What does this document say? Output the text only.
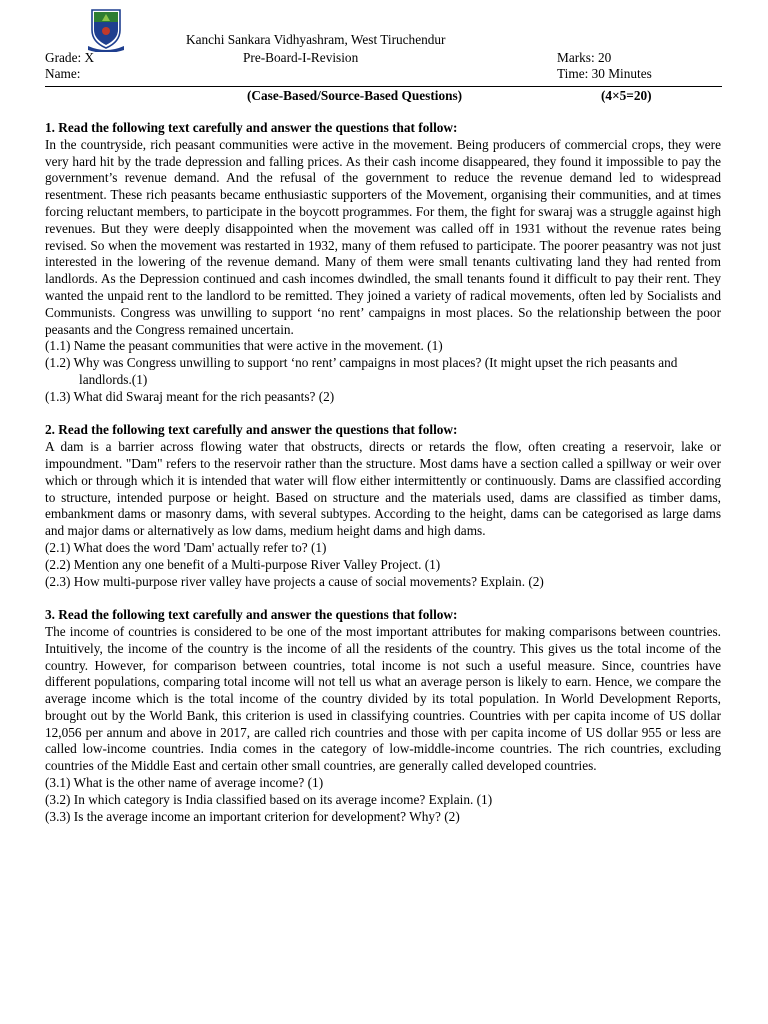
Kanchi Sankara Vidhyashram, West Tiruchendur
Grade: X	Pre-Board-I-Revision	Marks: 20
Name:	Time: 30 Minutes
(Case-Based/Source-Based Questions)	(4×5=20)

1. Read the following text carefully and answer the questions that follow:

In the countryside, rich peasant communities were active in the movement. Being producers of commercial crops, they were very hard hit by the trade depression and falling prices. As their cash income disappeared, they found it impossible to pay the government’s revenue demand. And the refusal of the government to reduce the revenue demand led to widespread resentment. These rich peasants became enthusiastic supporters of the Movement, organising their communities, and at times forcing reluctant members, to participate in the boycott programmes. For them, the fight for swaraj was a struggle against high revenues. But they were deeply disappointed when the movement was called off in 1931 without the revenue rates being revised. So when the movement was restarted in 1932, many of them refused to participate. The poorer peasantry was not just interested in the lowering of the revenue demand. Many of them were small tenants cultivating land they had rented from landlords. As the Depression continued and cash incomes dwindled, the small tenants found it difficult to pay their rent. They wanted the unpaid rent to the landlord to be remitted. They joined a variety of radical movements, often led by Socialists and Communists. Congress was unwilling to support ‘no rent’ campaigns in most places. So the relationship between the poor peasants and the Congress remained uncertain.

(1.1) Name the peasant communities that were active in the movement. (1)

(1.2) Why was Congress unwilling to support ‘no rent’ campaigns in most places? (It might upset the rich peasants and landlords.(1)

(1.3) What did Swaraj meant for the rich peasants? (2)

2. Read the following text carefully and answer the questions that follow:

A dam is a barrier across flowing water that obstructs, directs or retards the flow, often creating a reservoir, lake or impoundment. "Dam" refers to the reservoir rather than the structure. Most dams have a section called a spillway or weir over which or through which it is intended that water will flow either intermittently or continuously. Dams are classified according to structure, intended purpose or height. Based on structure and the materials used, dams are classified as timber dams, embankment dams or masonry dams, with several subtypes. According to the height, dams can be categorised as large dams and major dams or alternatively as low dams, medium height dams and high dams.

(2.1) What does the word 'Dam' actually refer to? (1)

(2.2) Mention any one benefit of a Multi-purpose River Valley Project. (1)

(2.3) How multi-purpose river valley have projects a cause of social movements? Explain. (2)

3. Read the following text carefully and answer the questions that follow:

The income of countries is considered to be one of the most important attributes for making comparisons between countries. Intuitively, the income of the country is the income of all the residents of the country. This gives us the total income of the country. However, for comparison between countries, total income is not such a useful measure. Since, countries have different populations, comparing total income will not tell us what an average person is likely to earn. Hence, we compare the average income which is the total income of the country divided by its total population. In World Development Reports, brought out by the World Bank, this criterion is used in classifying countries. Countries with per capita income of US dollar 12,056 per annum and above in 2017, are called rich countries and those with per capita income of US dollar 955 or less are called low-income countries. India comes in the category of low-middle-income countries. The rich countries, excluding countries of the Middle East and certain other small countries, are generally called developed countries.

(3.1) What is the other name of average income? (1)

(3.2) In which category is India classified based on its average income? Explain. (1)

(3.3) Is the average income an important criterion for development? Why? (2)
